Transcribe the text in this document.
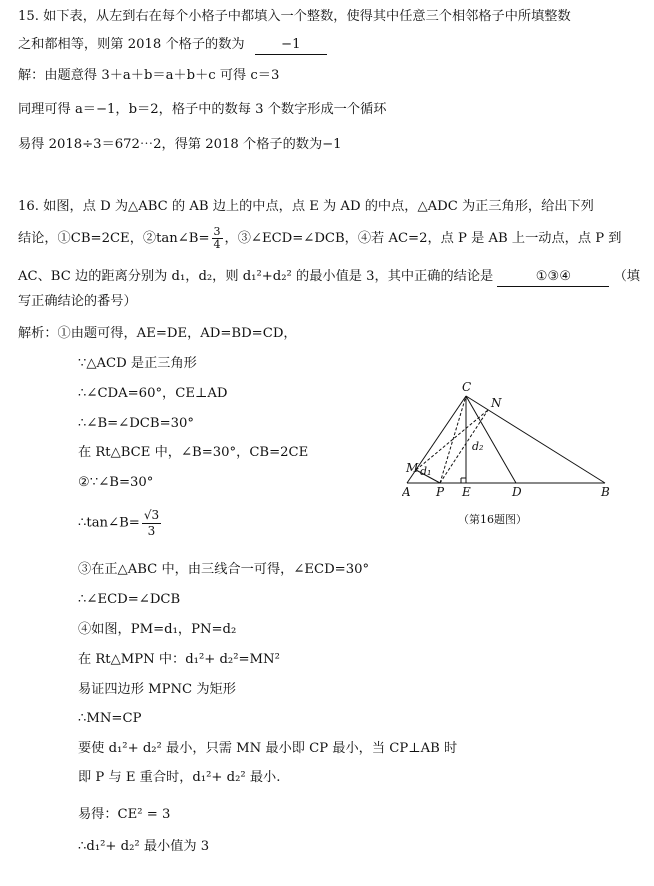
15. 如下表，从左到右在每个小格子中都填入一个整数，使得其中任意三个相邻格子中所填整数
之和都相等，则第 2018 个格子的数为	−1
解：由题意得 3＋a＋b＝a＋b＋c 可得 c＝3
同理可得 a＝−1，b＝2，格子中的数每 3 个数字形成一个循环
易得 2018÷3＝672⋯2，得第 2018 个格子的数为−1
16. 如图，点 D 为△ABC 的 AB 边上的中点，点 E 为 AD 的中点，△ADC 为正三角形，给出下列
结论，①CB=2CE，②tan∠B= $\frac{3}{4}$ ，③∠ECD=∠DCB，④若 AC=2，点 P 是 AB 上一动点，点 P 到
AC、BC 边的距离分别为 d₁，d₂，则 d₁²+d₂² 的最小值是 3，其中正确的结论是	①③④	（填
写正确结论的番号）
解析：①由题可得，AE=DE，AD=BD=CD，
∵△ACD 是正三角形
∴∠CDA=60°，CE⊥AD
∴∠B=∠DCB=30°
在 Rt△BCE 中，∠B=30°，CB=2CE
②∵∠B=30°
∴tan∠B= $\frac{√3}{3}$
③在正△ABC 中，由三线合一可得，∠ECD=30°
∴∠ECD=∠DCB
④如图，PM=d₁，PN=d₂
在 Rt△MPN 中：d₁²+ d₂²=MN²
易证四边形 MPNC 为矩形
∴MN=CP
要使 d₁²+ d₂² 最小，只需 MN 最小即 CP 最小，当 CP⊥AB 时
即 P 与 E 重合时，d₁²+ d₂² 最小.
易得：CE² = 3
∴d₁²+ d₂² 最小值为 3
C
N
M
A P E	D	B
d₁
d₂
（第16题图）
